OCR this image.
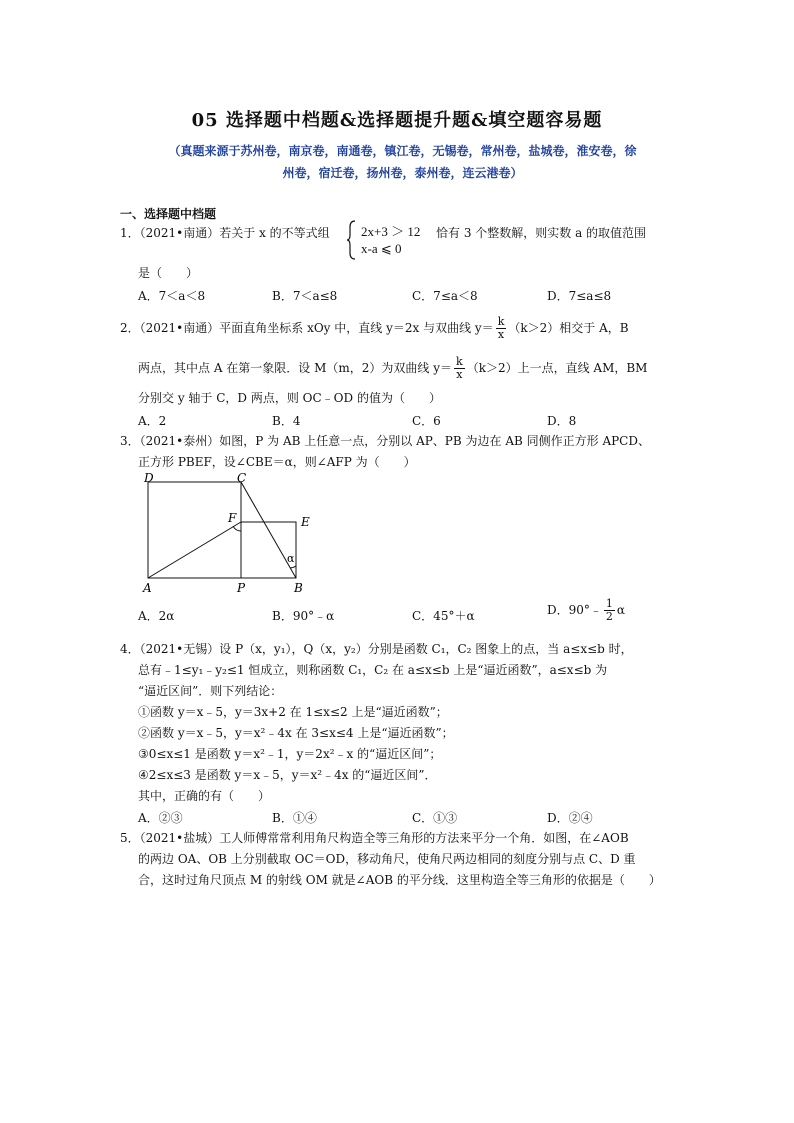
05 选择题中档题&选择题提升题&填空题容易题
（真题来源于苏州卷，南京卷，南通卷，镇江卷，无锡卷，常州卷，盐城卷，淮安卷，徐
州卷，宿迁卷，扬州卷，泰州卷，连云港卷）
一、选择题中档题
1．（2021•南通）若关于 x 的不等式组 2x+3 ＞ 12
x-a ⩽ 0
恰有 3 个整数解，则实数 a 的取值范围
是（　　）
A．7＜a＜8	B．7＜a≤8	C．7≤a＜8	D．7≤a≤8
2．（2021•南通）平面直角坐标系 xOy 中，直线 y＝2x 与双曲线 $y= \frac{k}{x} (k>2)$相交于 A，B
两点，其中点 A 在第一象限．设 M（m，2）为双曲线 $y= \frac{k}{x} (k>2)$上一点，直线 AM，BM
分别交 y 轴于 C，D 两点，则 OC﹣OD 的值为（　　）
A．2	B．4	C．6	D．8
3．（2021•泰州）如图，P 为 AB 上任意一点，分别以 AP、PB 为边在 AB 同侧作正方形 APCD、
正方形 PBEF，设∠CBE＝α，则∠AFP 为（　　）
D	C
F	E
A	P	B
α
A．2α	B．90°﹣α	C．45°＋α	D．90°﹣ $\frac{1}{2}$ α
4．（2021•无锡）设 P（x，y₁），Q（x，y₂）分别是函数 C₁，C₂ 图象上的点，当 a≤x≤b 时，
总有﹣1≤y₁﹣y₂≤1 恒成立，则称函数 C₁，C₂ 在 a≤x≤b 上是“逼近函数”，a≤x≤b 为
“逼近区间”．则下列结论：
①函数 y＝x﹣5，y＝3x+2 在 1≤x≤2 上是“逼近函数”；
②函数 y＝x﹣5，y＝x²﹣4x 在 3≤x≤4 上是“逼近函数”；
③0≤x≤1 是函数 y＝x²﹣1，y＝2x²﹣x 的“逼近区间”；
④2≤x≤3 是函数 y＝x﹣5，y＝x²﹣4x 的“逼近区间”．
其中，正确的有（　　）
A．②③	B．①④	C．①③	D．②④
5．（2021•盐城）工人师傅常常利用角尺构造全等三角形的方法来平分一个角．如图，在∠AOB
的两边 OA、OB 上分别截取 OC＝OD，移动角尺，使角尺两边相同的刻度分别与点 C、D 重
合，这时过角尺顶点 M 的射线 OM 就是∠AOB 的平分线．这里构造全等三角形的依据是（　　）
